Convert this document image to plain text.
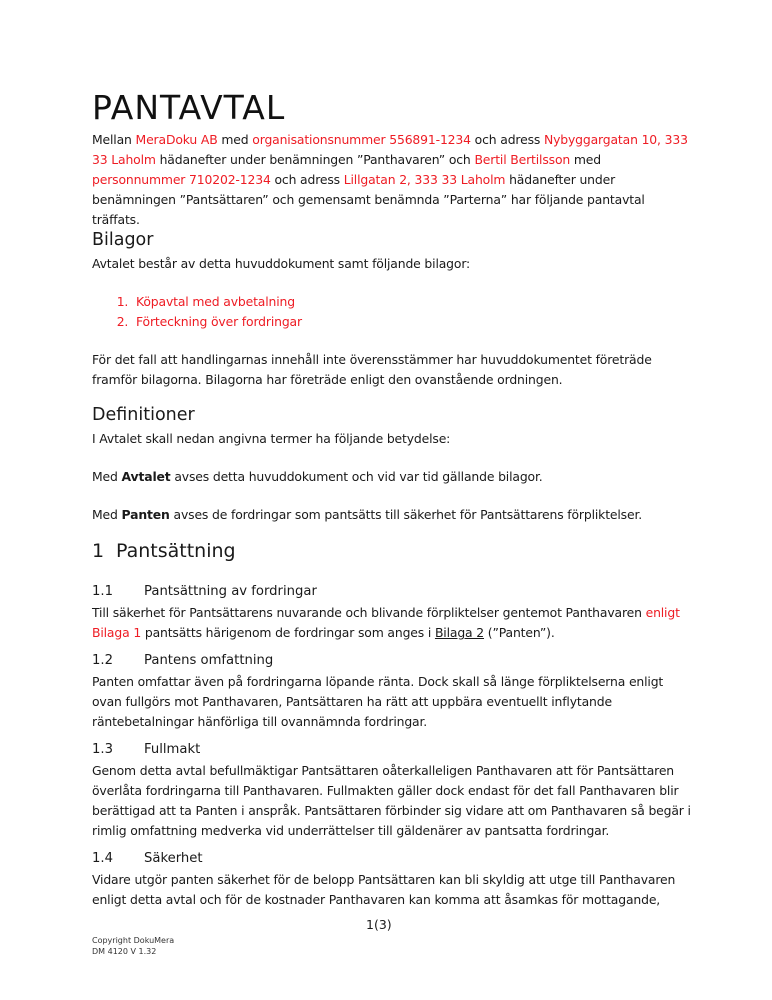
PANTAVTAL

Mellan MeraDoku AB med organisationsnummer 556891-1234 och adress Nybyggargatan 10, 333 33 Laholm hädanefter under benämningen ”Panthavaren” och Bertil Bertilsson med personnummer 710202-1234 och adress Lillgatan 2, 333 33 Laholm hädanefter under benämningen ”Pantsättaren” och gemensamt benämnda ”Parterna” har följande pantavtal träffats.

Bilagor

Avtalet består av detta huvuddokument samt följande bilagor:

1. Köpavtal med avbetalning
2. Förteckning över fordringar

För det fall att handlingarnas innehåll inte överensstämmer har huvuddokumentet företräde framför bilagorna. Bilagorna har företräde enligt den ovanstående ordningen.

Definitioner

I Avtalet skall nedan angivna termer ha följande betydelse:

Med Avtalet avses detta huvuddokument och vid var tid gällande bilagor.

Med Panten avses de fordringar som pantsätts till säkerhet för Pantsättarens förpliktelser.

1 Pantsättning
1.1 Pantsättning av fordringar

Till säkerhet för Pantsättarens nuvarande och blivande förpliktelser gentemot Panthavaren enligt Bilaga 1 pantsätts härigenom de fordringar som anges i Bilaga 2 (”Panten”).

1.2 Pantens omfattning

Panten omfattar även på fordringarna löpande ränta. Dock skall så länge förpliktelserna enligt ovan fullgörs mot Panthavaren, Pantsättaren ha rätt att uppbära eventuellt inflytande räntebetalningar hänförliga till ovannämnda fordringar.

1.3 Fullmakt

Genom detta avtal befullmäktigar Pantsättaren oåterkalleligen Panthavaren att för Pantsättaren överlåta fordringarna till Panthavaren. Fullmakten gäller dock endast för det fall Panthavaren blir berättigad att ta Panten i anspråk. Pantsättaren förbinder sig vidare att om Panthavaren så begär i rimlig omfattning medverka vid underrättelser till gäldenärer av pantsatta fordringar.

1.4 Säkerhet

Vidare utgör panten säkerhet för de belopp Pantsättaren kan bli skyldig att utge till Panthavaren enligt detta avtal och för de kostnader Panthavaren kan komma att åsamkas för mottagande,

1(3)
Copyright DokuMera
DM 4120 V 1.32
